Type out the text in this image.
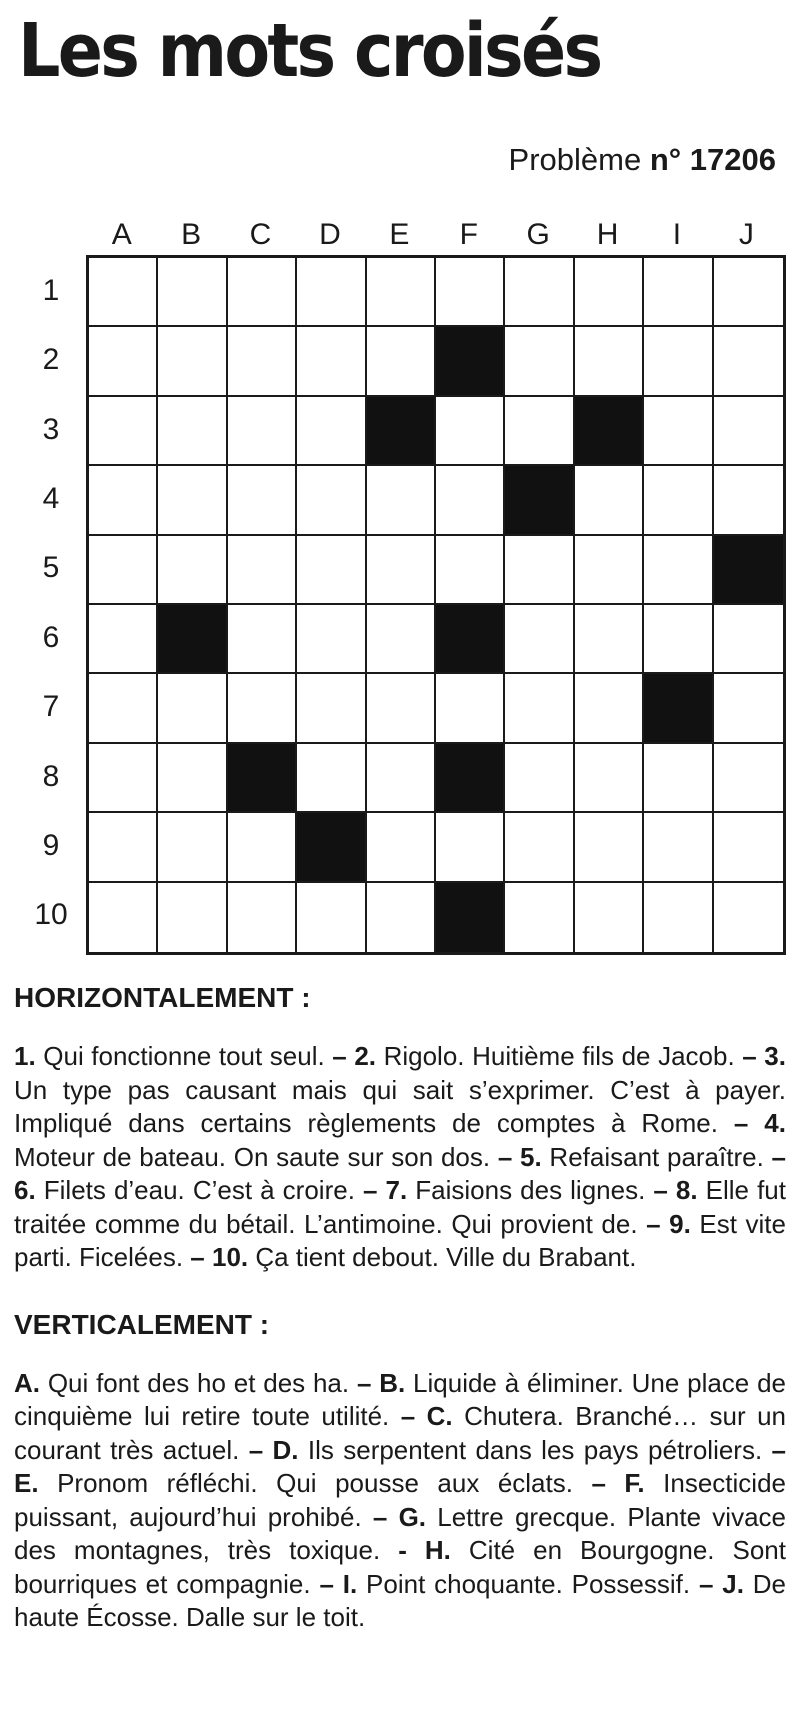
Les mots croisés
Problème n° 17206
A	B	C	D	E	F	G	H	I	J
1
2
3
4
5
6
7
8
9
10
HORIZONTALEMENT :

1. Qui fonctionne tout seul. – 2. Rigolo. Huitième fils de Jacob. – 3. Un type pas causant mais qui sait s’exprimer. C’est à payer. Impliqué dans certains règlements de comptes à Rome. – 4. Moteur de bateau. On saute sur son dos. – 5. Refaisant paraître. – 6. Filets d’eau. C’est à croire. – 7. Faisions des lignes. – 8. Elle fut traitée comme du bétail. L’antimoine. Qui provient de. – 9. Est vite parti. Ficelées. – 10. Ça tient debout. Ville du Brabant.

VERTICALEMENT :

A. Qui font des ho et des ha. – B. Liquide à éliminer. Une place de cinquième lui retire toute utilité. – C. Chutera. Branché… sur un courant très actuel. – D. Ils serpentent dans les pays pétroliers. – E. Pronom réfléchi. Qui pousse aux éclats. – F. Insecticide puissant, aujourd’hui prohibé. – G. Lettre grecque. Plante vivace des montagnes, très toxique. - H. Cité en Bourgogne. Sont bourriques et compagnie. – I. Point choquante. Possessif. – J. De haute Écosse. Dalle sur le toit.
